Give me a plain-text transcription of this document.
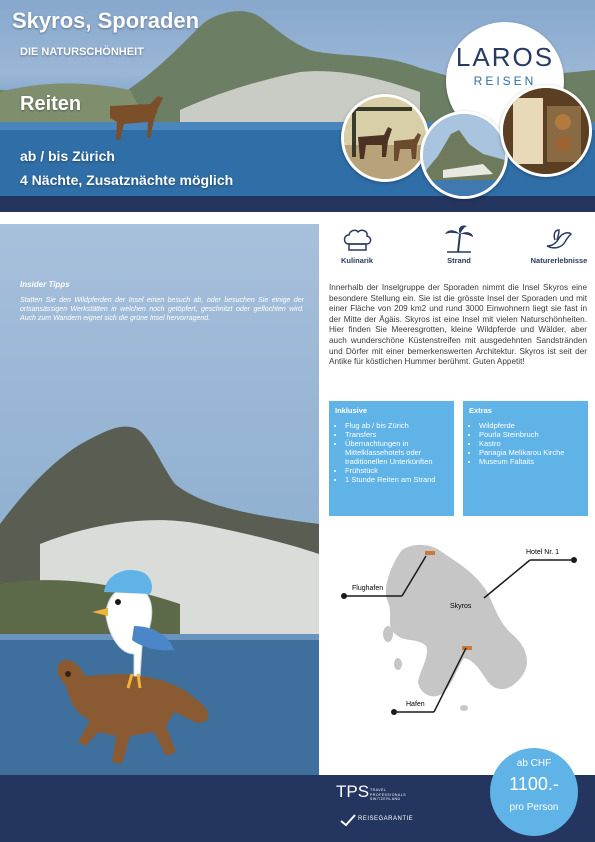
Skyros, Sporaden
DIE NATURSCHÖNHEIT
Reiten
ab / bis Zürich
4 Nächte, Zusatznächte möglich
LAROS
REISEN
Insider Tipps
Statten Sie den Wildpferden der Insel einen besuch ab, oder besuchen Sie einige der ortsansässigen Werkstätten in welchen noch getöpfert, geschnitzt oder geflochten wird. Auch zum Wandern eignet sich die grüne Insel hervorragend.
Kulinarik	Strand	Naturerlebnisse
Innerhalb der Inselgruppe der Sporaden nimmt die Insel Skyros eine besondere Stellung ein. Sie ist die grösste Insel der Sporaden und mit einer Fläche von 209 km2 und rund 3000 Einwohnern liegt sie fast in der Mitte der Ägäis. Skyros ist eine Insel mit vielen Naturschönheiten. Hier finden Sie Meeresgrotten, kleine Wildpferde und Wälder, aber auch wunderschöne Küstenstreifen mit ausgedehnten Sandstränden und Dörfer mit einer bemerkenswerten Architektur. Skyros ist seit der Antike für köstlichen Hummer berühmt. Guten Appetit!
Inklusive
• Flug ab / bis Zürich
• Transfers
• Übernachtungen in Mittelklassehotels oder traditionellen Unterkünften
• Frühstück
• 1 Stunde Reiten am Strand
Extras
• Wildpferde
• Pourla Steinbruch
• Kastro
• Panagia Melikarou Kirche
• Museum Faltaits
Hotel Nr. 1
Flughafen
Skyros
Hafen
TPS TRAVEL PROFESSIONALS SWITZERLAND
REISEGARANTIE
ab CHF
1100.-
pro Person
